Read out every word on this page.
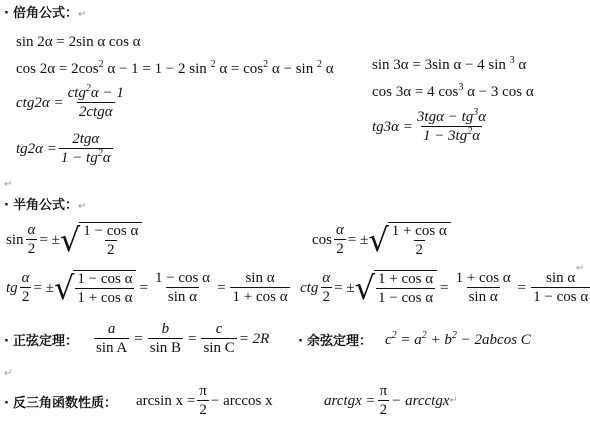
· 倍角公式：↵
sin 2α = 2sin α cos α
$\cos 2\alpha = 2\cos^2$ α − 1 = 1 − 2 sin $^2$ $\alpha = \cos^2 \alpha - \sin ^2$ α	sin 3α = 3sin α − 4 sin $^3$ α
cos 3α = 4 $\cos^3 \alpha - 3$ cos α
$ctg2\alpha = \frac{ctg^2\alpha - 1}{\text{2ctgα}}$
$tg3\alpha = \frac{3tg\alpha - tg^3\alpha}{1 - 3tg^2\alpha}$
$tg2\alpha = \frac{\text{2tgα}}{1 - tg^2\alpha}$
↵
· 半角公式：↵
$\sin \frac{\alpha}{2}$ = ± √ $\frac{\text{1 − cos α}}{2}$	$\cos \frac{\alpha}{2}$ = ± √ $\frac{\text{1 + cos α}}{2}$
tg $\frac{\alpha}{2}$ = ± √ $\frac{\text{1 − cos α}}{\text{1 + cos α}} = \frac{\text{1 − cos α}}{\text{sin α}} = \frac{\text{sin α}}{\text{1 + cos α}}$ ctg $\frac{\alpha}{2}$ = ± √ $\frac{\text{1 + cos α}}{\text{1 − cos α}} = \frac{\text{1 + cos α}}{\text{sin α}} = \frac{\text{sin α}}{\text{1 − cos α}}$
↵
· 正弦定理： $\frac{a}{\text{sin A}} = \frac{b}{\text{sin B}} = \frac{c}{\text{sin C}} = 2R$ · 余弦定理： $c^2 = a^2 + b^2 - 2abcos$ C
↵
· 反三角函数性质： $\arcsin x = \frac{\pi}{2} - \arccos x$	arctgx = $\frac{\pi}{2}$ − arcctgx ↵
